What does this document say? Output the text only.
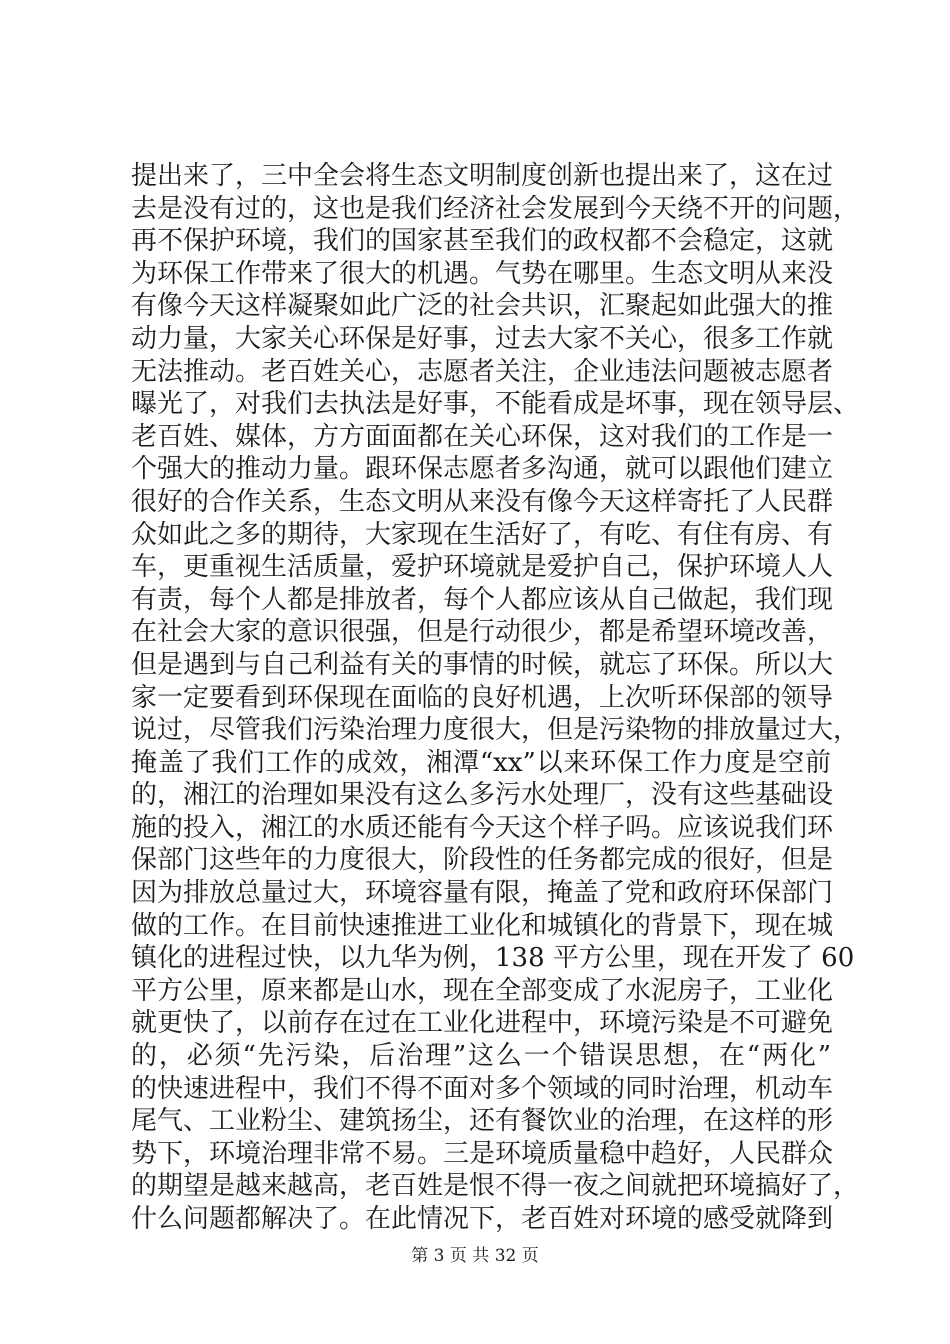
提出来了，三中全会将生态文明制度创新也提出来了，这在过
去是没有过的，这也是我们经济社会发展到今天绕不开的问题，
再不保护环境，我们的国家甚至我们的政权都不会稳定，这就
为环保工作带来了很大的机遇。气势在哪里。生态文明从来没
有像今天这样凝聚如此广泛的社会共识，汇聚起如此强大的推
动力量，大家关心环保是好事，过去大家不关心，很多工作就
无法推动。老百姓关心，志愿者关注，企业违法问题被志愿者
曝光了，对我们去执法是好事，不能看成是坏事，现在领导层、
老百姓、媒体，方方面面都在关心环保，这对我们的工作是一
个强大的推动力量。跟环保志愿者多沟通，就可以跟他们建立
很好的合作关系，生态文明从来没有像今天这样寄托了人民群
众如此之多的期待，大家现在生活好了，有吃、有住有房、有
车，更重视生活质量，爱护环境就是爱护自己，保护环境人人
有责，每个人都是排放者，每个人都应该从自己做起，我们现
在社会大家的意识很强，但是行动很少，都是希望环境改善，
但是遇到与自己利益有关的事情的时候，就忘了环保。所以大
家一定要看到环保现在面临的良好机遇，上次听环保部的领导
说过，尽管我们污染治理力度很大，但是污染物的排放量过大，
掩盖了我们工作的成效，湘潭“xx”以来环保工作力度是空前
的，湘江的治理如果没有这么多污水处理厂，没有这些基础设
施的投入，湘江的水质还能有今天这个样子吗。应该说我们环
保部门这些年的力度很大，阶段性的任务都完成的很好，但是
因为排放总量过大，环境容量有限，掩盖了党和政府环保部门
做的工作。在目前快速推进工业化和城镇化的背景下，现在城
镇化的进程过快，以九华为例，138 平方公里，现在开发了 60
平方公里，原来都是山水，现在全部变成了水泥房子，工业化
就更快了，以前存在过在工业化进程中，环境污染是不可避免
的，必须“先污染，后治理”这么一个错误思想，在“两化”
的快速进程中，我们不得不面对多个领域的同时治理，机动车
尾气、工业粉尘、建筑扬尘，还有餐饮业的治理，在这样的形
势下，环境治理非常不易。三是环境质量稳中趋好，人民群众
的期望是越来越高，老百姓是恨不得一夜之间就把环境搞好了，
什么问题都解决了。在此情况下，老百姓对环境的感受就降到
第 3 页 共 32 页
